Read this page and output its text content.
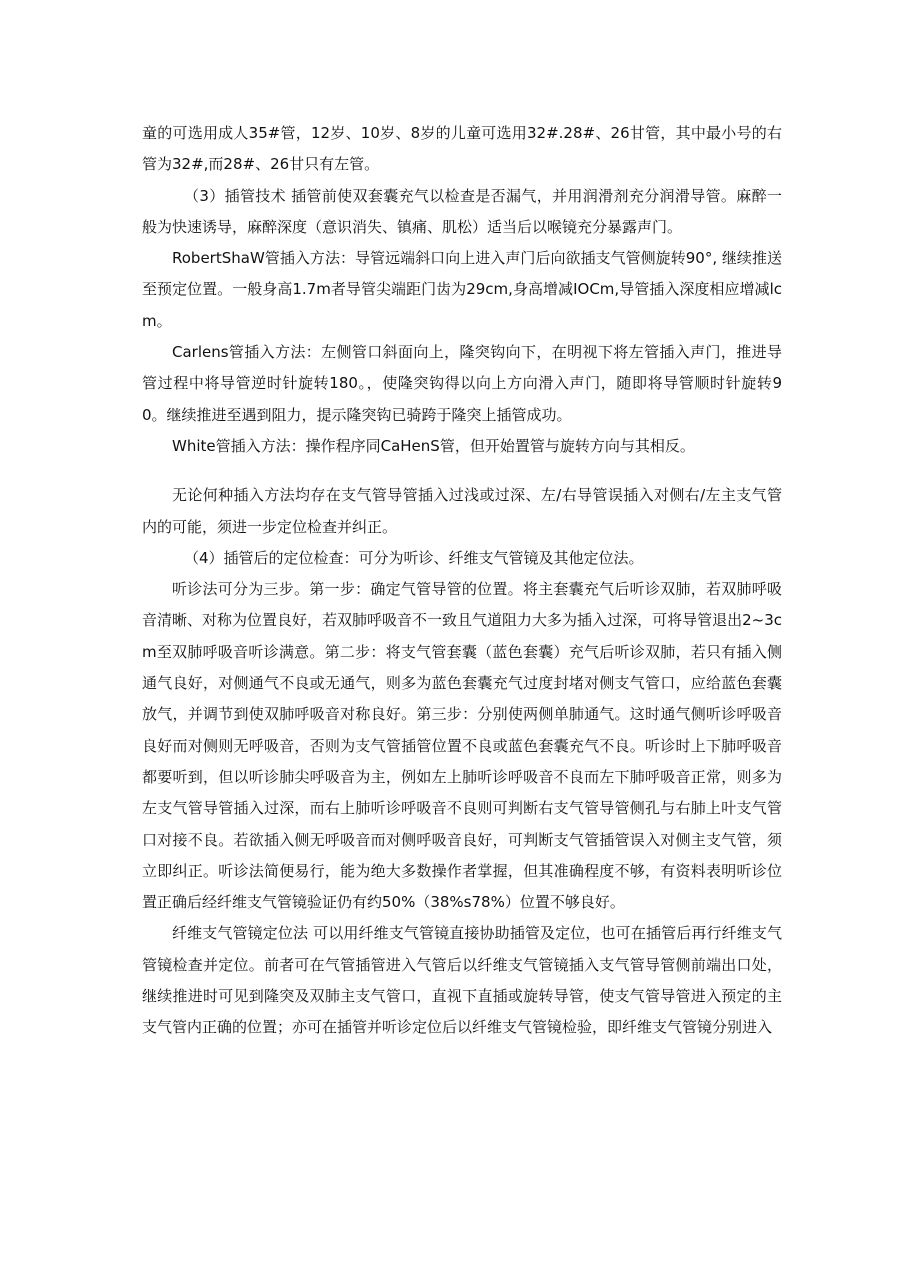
童的可选用成人35#管，12岁、10岁、8岁的儿童可选用32#.28#、26甘管，其中最小号的右管为32#,而28#、26甘只有左管。

（3）插管技术 插管前使双套囊充气以检查是否漏气，并用润滑剂充分润滑导管。麻醉一般为快速诱导，麻醉深度（意识消失、镇痛、肌松）适当后以喉镜充分暴露声门。

RobertShaW管插入方法：导管远端斜口向上进入声门后向欲插支气管侧旋转90°, 继续推送至预定位置。一般身高1.7m者导管尖端距门齿为29cm,身高增减IOCm,导管插入深度相应增减lcm。

Carlens管插入方法：左侧管口斜面向上，隆突钩向下，在明视下将左管插入声门，推进导管过程中将导管逆时针旋转180。，使隆突钩得以向上方向滑入声门，随即将导管顺时针旋转90。继续推进至遇到阻力，提示隆突钩已骑跨于隆突上插管成功。

White管插入方法：操作程序同CaHenS管，但开始置管与旋转方向与其相反。

无论何种插入方法均存在支气管导管插入过浅或过深、左/右导管误插入对侧右/左主支气管内的可能，须进一步定位检查并纠正。

（4）插管后的定位检查：可分为听诊、纤维支气管镜及其他定位法。

听诊法可分为三步。第一步：确定气管导管的位置。将主套囊充气后听诊双肺，若双肺呼吸音清晰、对称为位置良好，若双肺呼吸音不一致且气道阻力大多为插入过深，可将导管退出2~3cm至双肺呼吸音听诊满意。第二步：将支气管套囊（蓝色套囊）充气后听诊双肺，若只有插入侧通气良好，对侧通气不良或无通气，则多为蓝色套囊充气过度封堵对侧支气管口，应给蓝色套囊放气，并调节到使双肺呼吸音对称良好。第三步：分别使两侧单肺通气。这时通气侧听诊呼吸音良好而对侧则无呼吸音，否则为支气管插管位置不良或蓝色套囊充气不良。听诊时上下肺呼吸音都要听到，但以听诊肺尖呼吸音为主，例如左上肺听诊呼吸音不良而左下肺呼吸音正常，则多为左支气管导管插入过深，而右上肺听诊呼吸音不良则可判断右支气管导管侧孔与右肺上叶支气管口对接不良。若欲插入侧无呼吸音而对侧呼吸音良好，可判断支气管插管误入对侧主支气管，须立即纠正。听诊法简便易行，能为绝大多数操作者掌握，但其准确程度不够，有资料表明听诊位置正确后经纤维支气管镜验证仍有约50%（38%s78%）位置不够良好。

纤维支气管镜定位法 可以用纤维支气管镜直接协助插管及定位，也可在插管后再行纤维支气管镜检查并定位。前者可在气管插管进入气管后以纤维支气管镜插入支气管导管侧前端出口处，继续推进时可见到隆突及双肺主支气管口，直视下直插或旋转导管，使支气管导管进入预定的主支气管内正确的位置；亦可在插管并听诊定位后以纤维支气管镜检验，即纤维支气管镜分别进入
